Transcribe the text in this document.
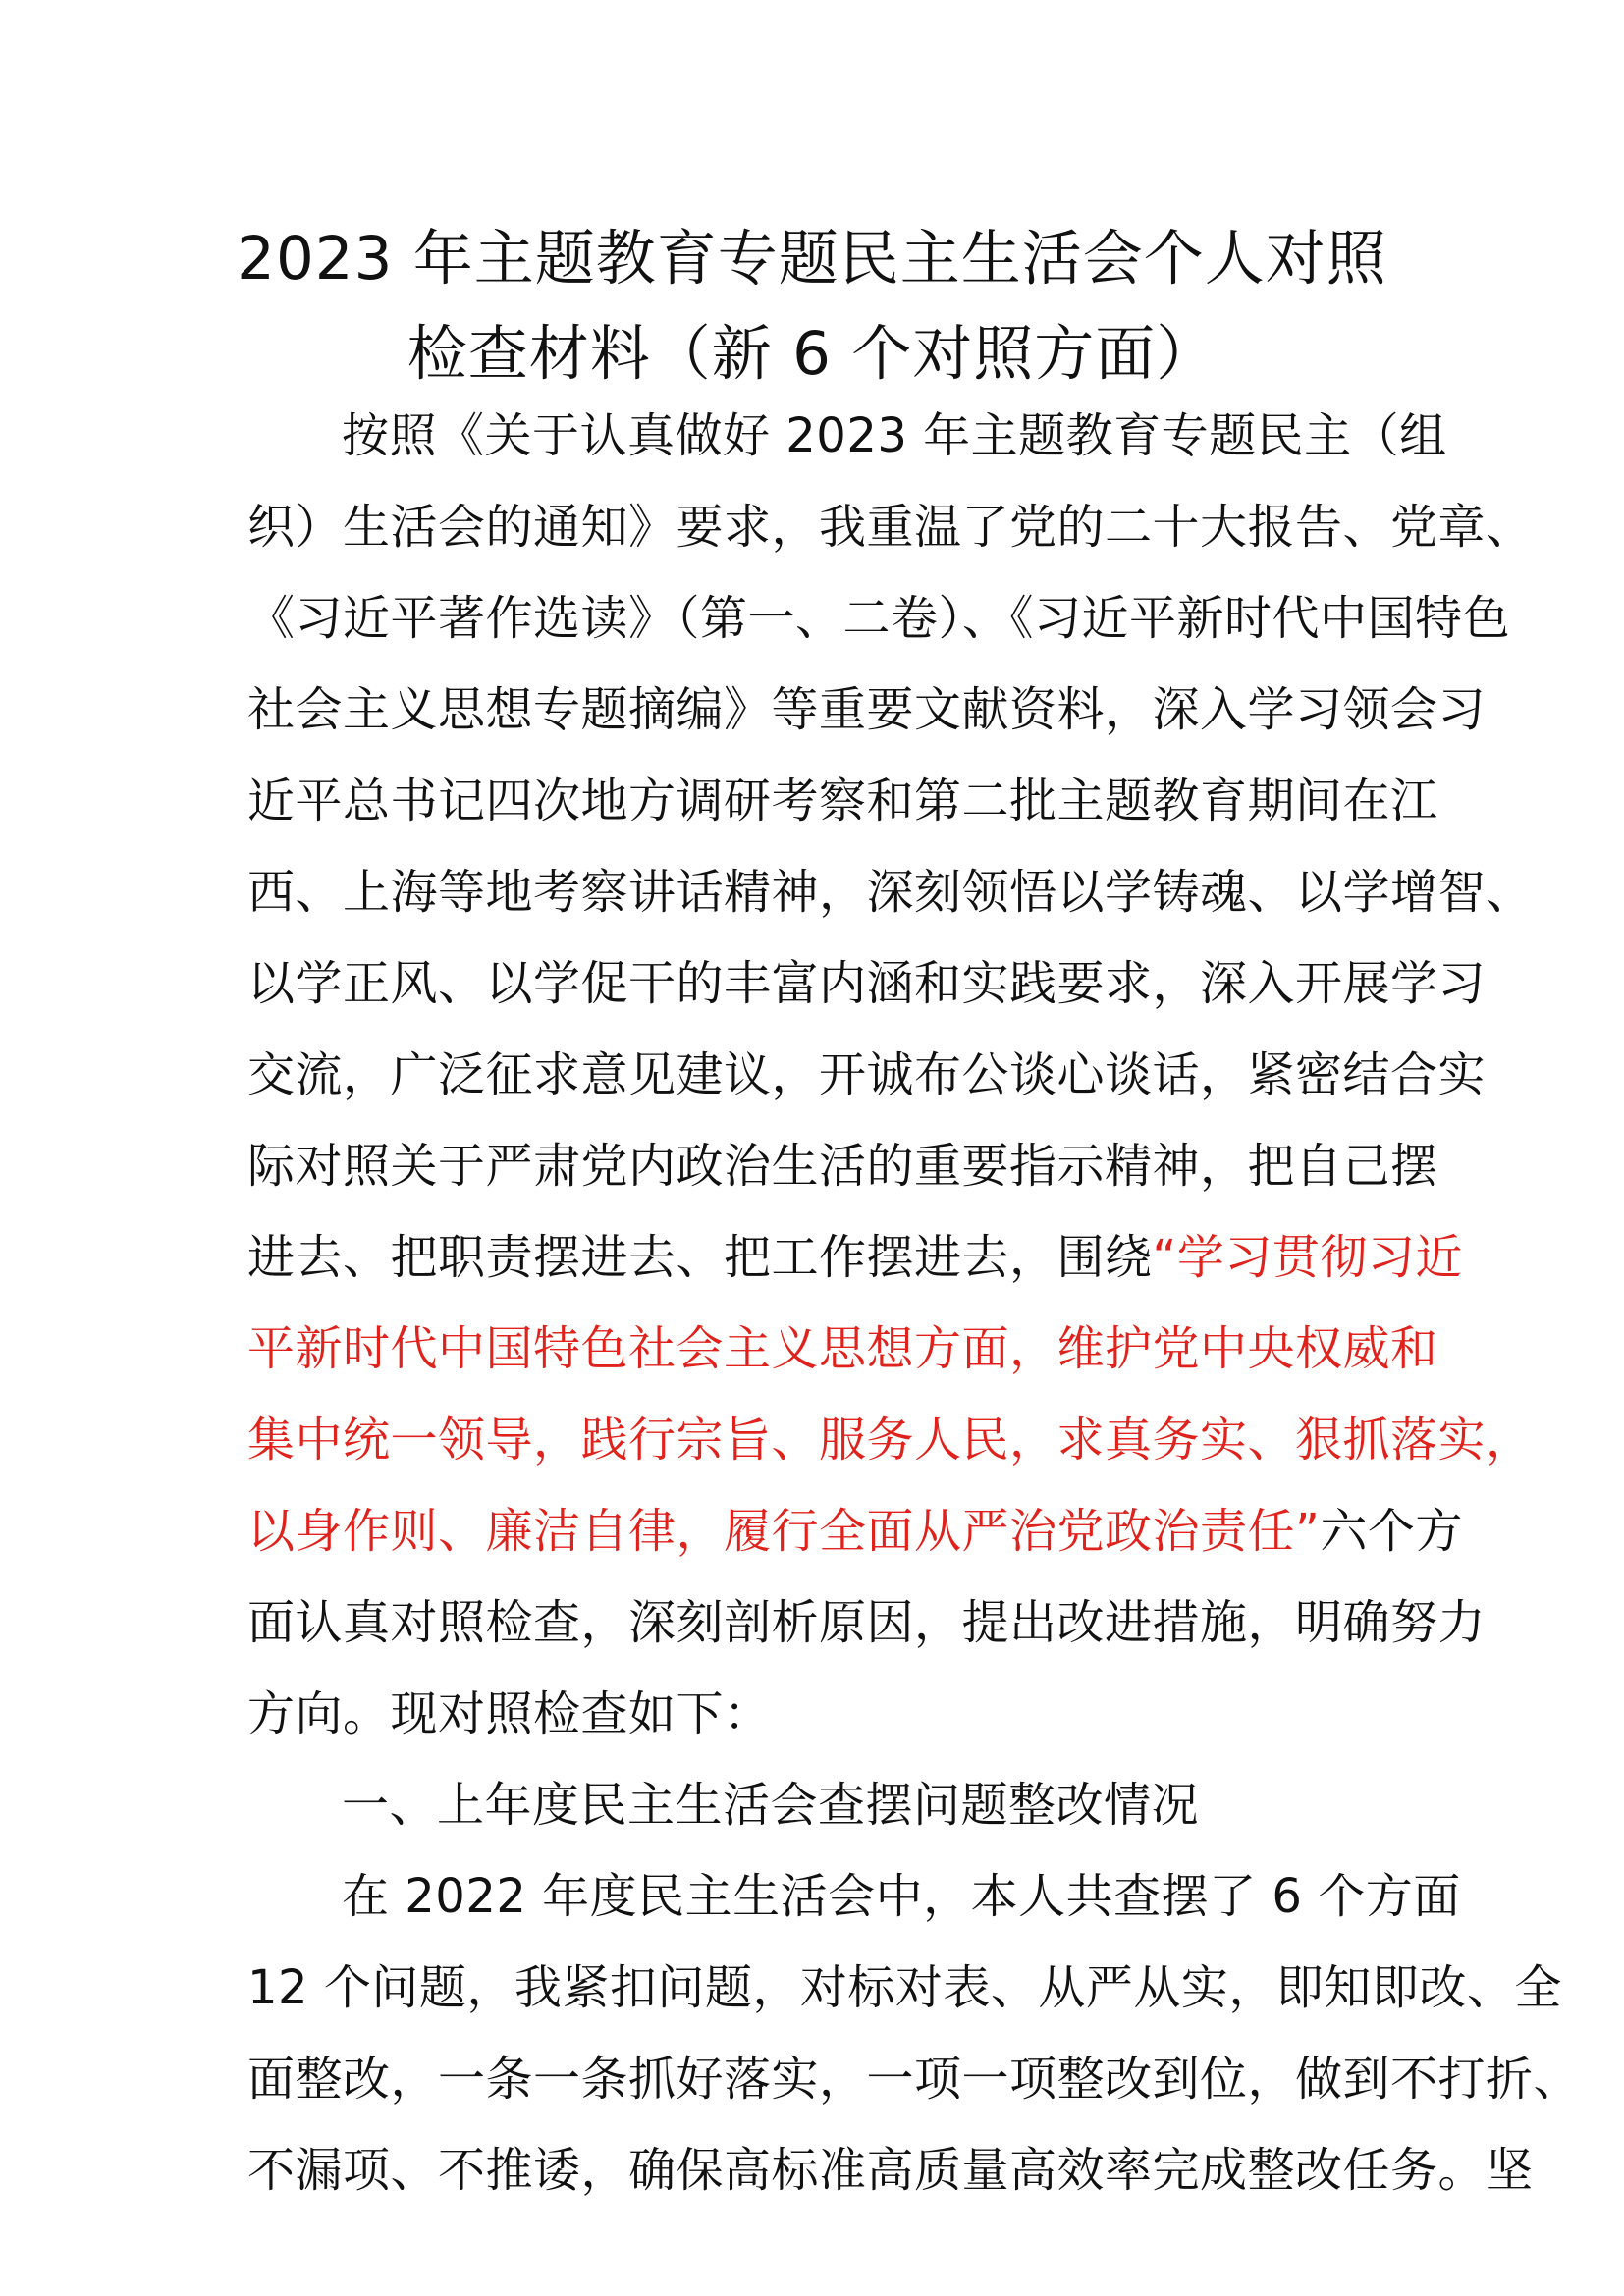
2023 年主题教育专题民主生活会个人对照
检查材料（新 6 个对照方面）

按照《关于认真做好 2023 年主题教育专题民主（组
织）生活会的通知》要求，我重温了党的二十大报告、党章、
《习近平著作选读》（第一、二卷）、《习近平新时代中国特色
社会主义思想专题摘编》等重要文献资料，深入学习领会习
近平总书记四次地方调研考察和第二批主题教育期间在江
西、上海等地考察讲话精神，深刻领悟以学铸魂、以学增智、
以学正风、以学促干的丰富内涵和实践要求，深入开展学习
交流，广泛征求意见建议，开诚布公谈心谈话，紧密结合实
际对照关于严肃党内政治生活的重要指示精神，把自己摆
进去、把职责摆进去、把工作摆进去，围绕“学习贯彻习近
平新时代中国特色社会主义思想方面，维护党中央权威和
集中统一领导，践行宗旨、服务人民，求真务实、狠抓落实，
以身作则、廉洁自律，履行全面从严治党政治责任”六个方
面认真对照检查，深刻剖析原因，提出改进措施，明确努力
方向。现对照检查如下：

一、上年度民主生活会查摆问题整改情况

在 2022 年度民主生活会中，本人共查摆了 6 个方面
12 个问题，我紧扣问题，对标对表、从严从实，即知即改、全
面整改，一条一条抓好落实，一项一项整改到位，做到不打折、
不漏项、不推诿，确保高标准高质量高效率完成整改任务。坚
